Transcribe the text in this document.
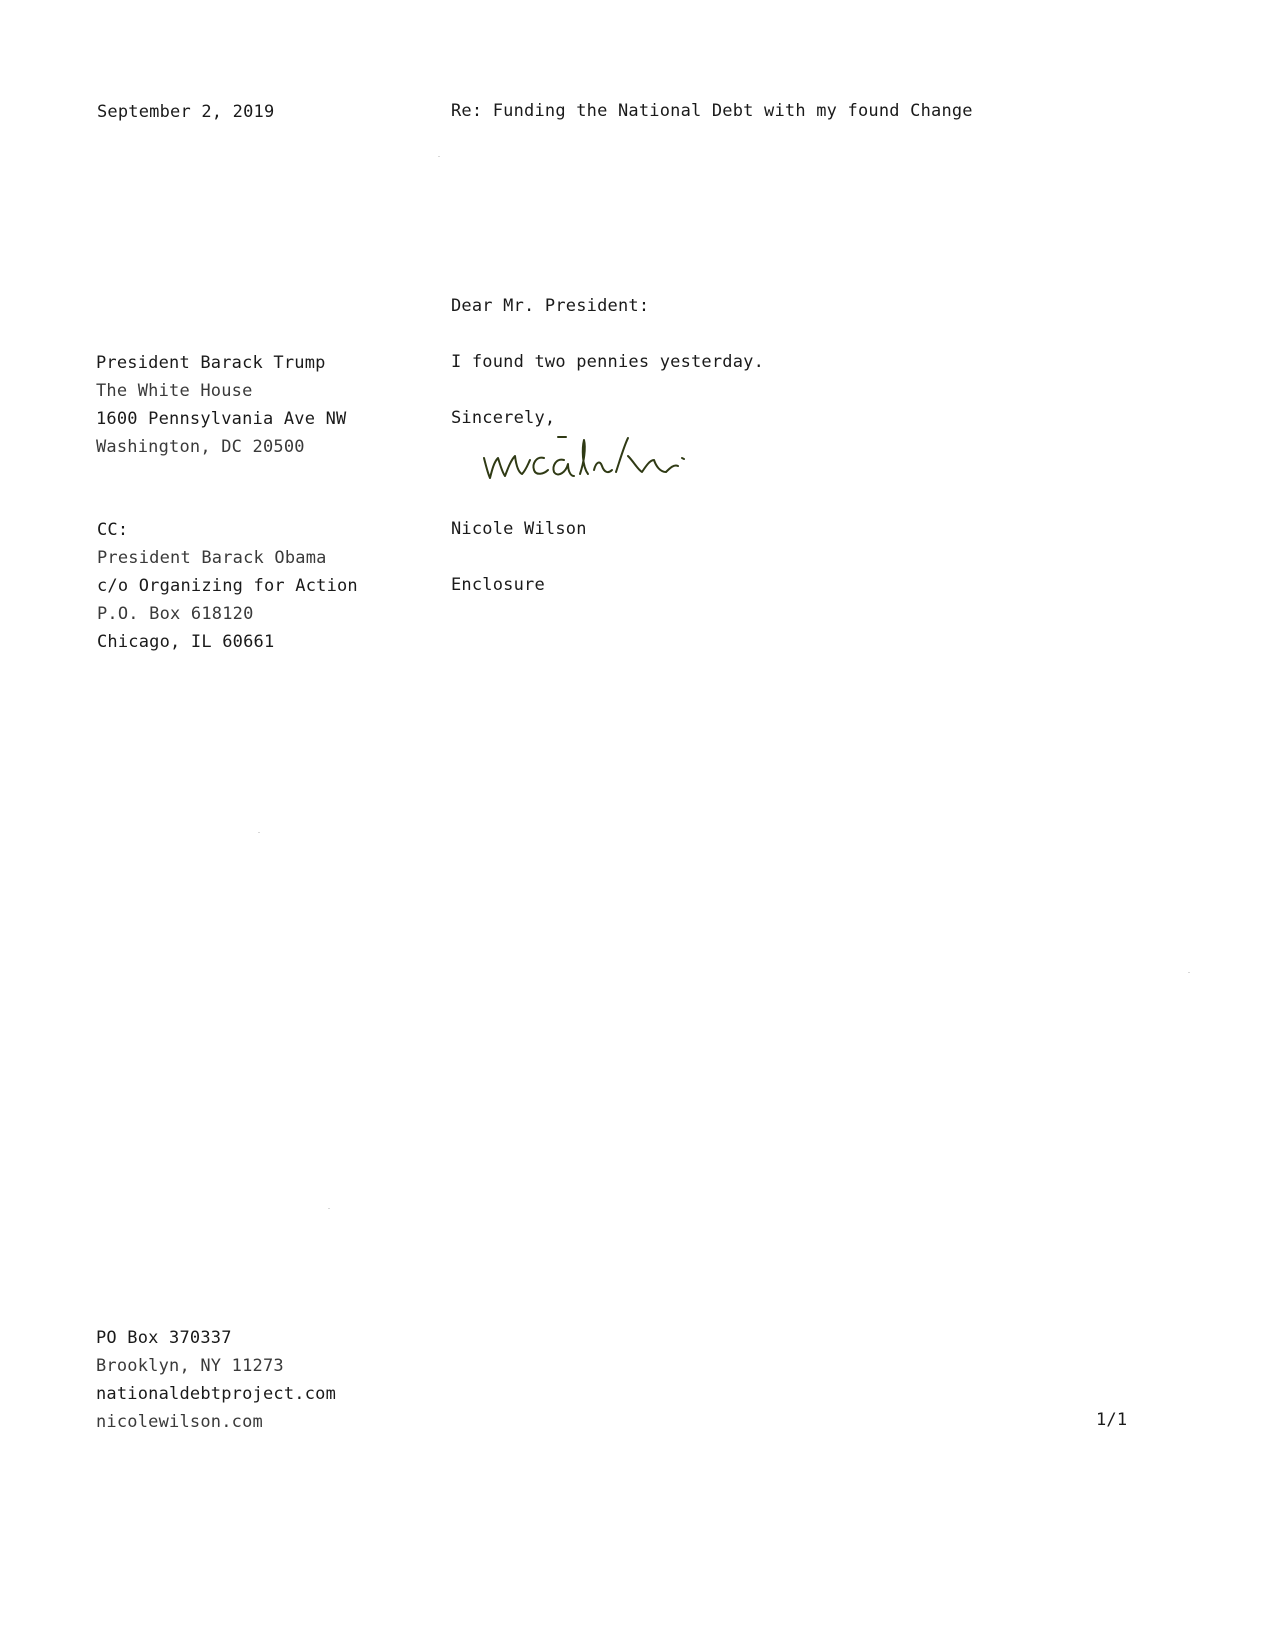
September 2, 2019	Re: Funding the National Debt with my found Change
Dear Mr. President:
President Barack Trump
The White House
1600 Pennsylvania Ave NW
Washington, DC 20500
I found two pennies yesterday.
Sincerely,
CC:
President Barack Obama
c/o Organizing for Action
P.O. Box 618120
Chicago, IL 60661
Nicole Wilson
Enclosure
PO Box 370337
Brooklyn, NY 11273
nationaldebtproject.com
nicolewilson.com	1/1
